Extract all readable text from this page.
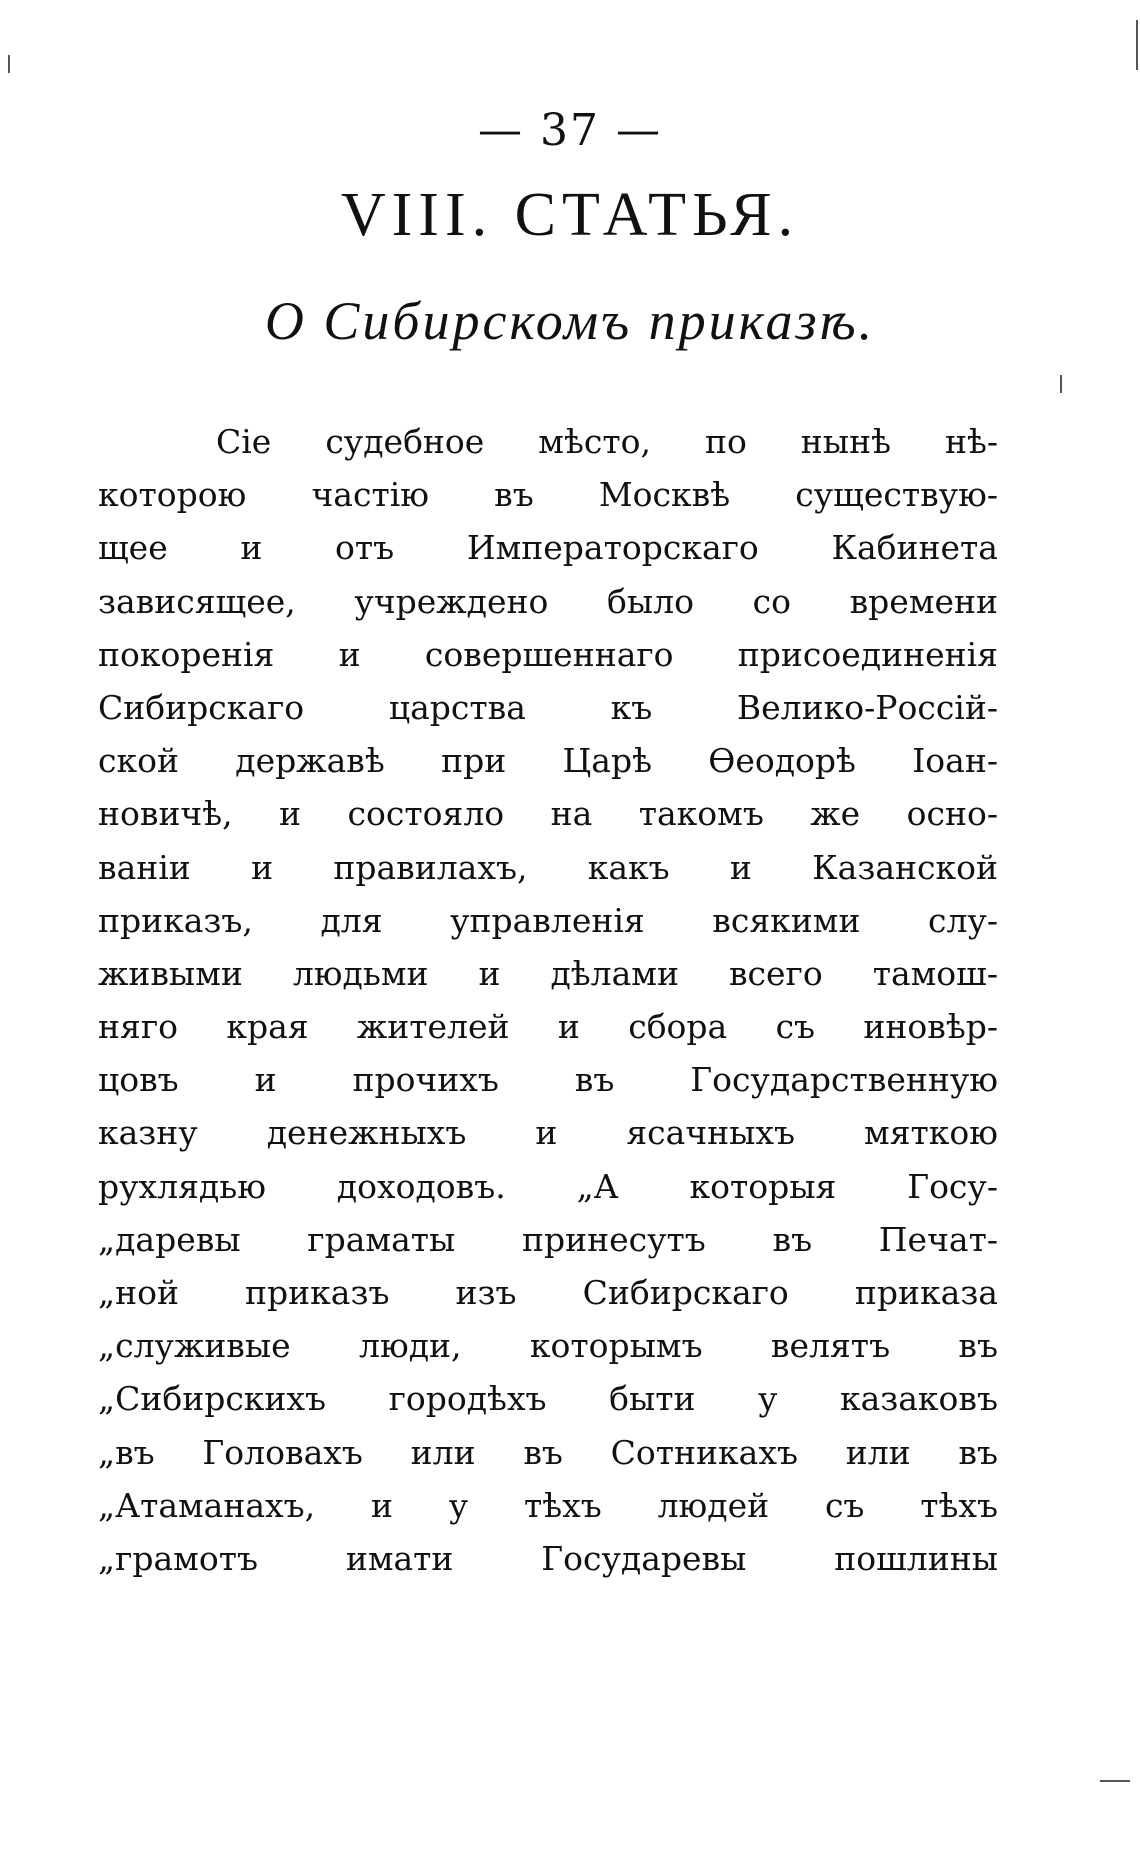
— 37 —
VIII. СТАТЬЯ.
О Сибирскомъ приказѣ.
Сіе судебное мѣсто, по нынѣ нѣ-
которою частію въ Москвѣ существую-
щее и отъ Императорскаго Кабинета
зависящее, учреждено было со времени
покоренія и совершеннаго присоединенія
Сибирскаго царства къ Велико-Россій-
ской державѣ при Царѣ Ѳеодорѣ Іоан-
новичѣ, и состояло на такомъ же осно-
ваніи и правилахъ, какъ и Казанской
приказъ, для управленія всякими слу-
живыми людьми и дѣлами всего тамош-
няго края жителей и сбора съ иновѣр-
цовъ и прочихъ въ Государственную
казну денежныхъ и ясачныхъ мяткою
рухлядью доходовъ. „А которыя Госу-
„даревы граматы принесутъ въ Печат-
„ной приказъ изъ Сибирскаго приказа
„служивые люди, которымъ велятъ въ
„Сибирскихъ городѣхъ быти у казаковъ
„въ Головахъ или въ Сотникахъ или въ
„Атаманахъ, и у тѣхъ людей съ тѣхъ
„грамотъ имати Государевы пошлины
